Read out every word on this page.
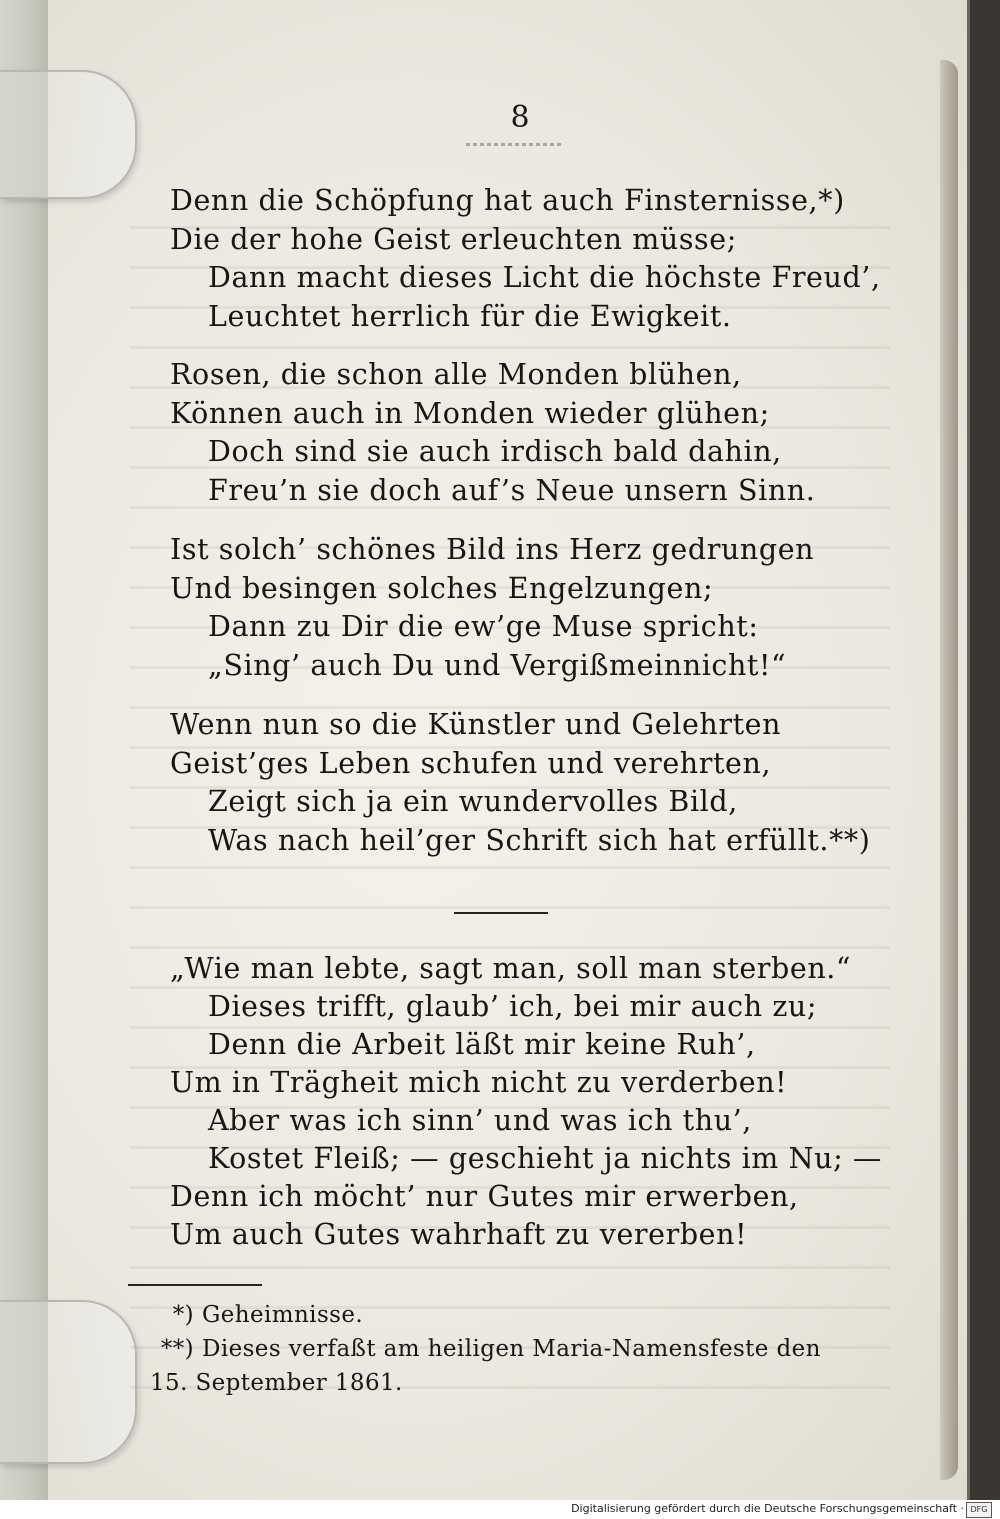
8
Denn die Schöpfung hat auch Finsternisse,*)
Die der hohe Geist erleuchten müsse;
Dann macht dieses Licht die höchste Freud’,
Leuchtet herrlich für die Ewigkeit.
Rosen, die schon alle Monden blühen,
Können auch in Monden wieder glühen;
Doch sind sie auch irdisch bald dahin,
Freu’n sie doch auf’s Neue unsern Sinn.
Ist solch’ schönes Bild ins Herz gedrungen
Und besingen solches Engelzungen;
Dann zu Dir die ew’ge Muse spricht:
„Sing’ auch Du und Vergißmeinnicht!“
Wenn nun so die Künstler und Gelehrten
Geist’ges Leben schufen und verehrten,
Zeigt sich ja ein wundervolles Bild,
Was nach heil’ger Schrift sich hat erfüllt.**)
„Wie man lebte, sagt man, soll man sterben.“
Dieses trifft, glaub’ ich, bei mir auch zu;
Denn die Arbeit läßt mir keine Ruh’,
Um in Trägheit mich nicht zu verderben!
Aber was ich sinn’ und was ich thu’,
Kostet Fleiß; — geschieht ja nichts im Nu; —
Denn ich möcht’ nur Gutes mir erwerben,
Um auch Gutes wahrhaft zu vererben!
*) Geheimnisse.
**) Dieses verfaßt am heiligen Maria-Namensfeste den
15. September 1861.
Digitalisierung gefördert durch die Deutsche Forschungsgemeinschaft · DFG
